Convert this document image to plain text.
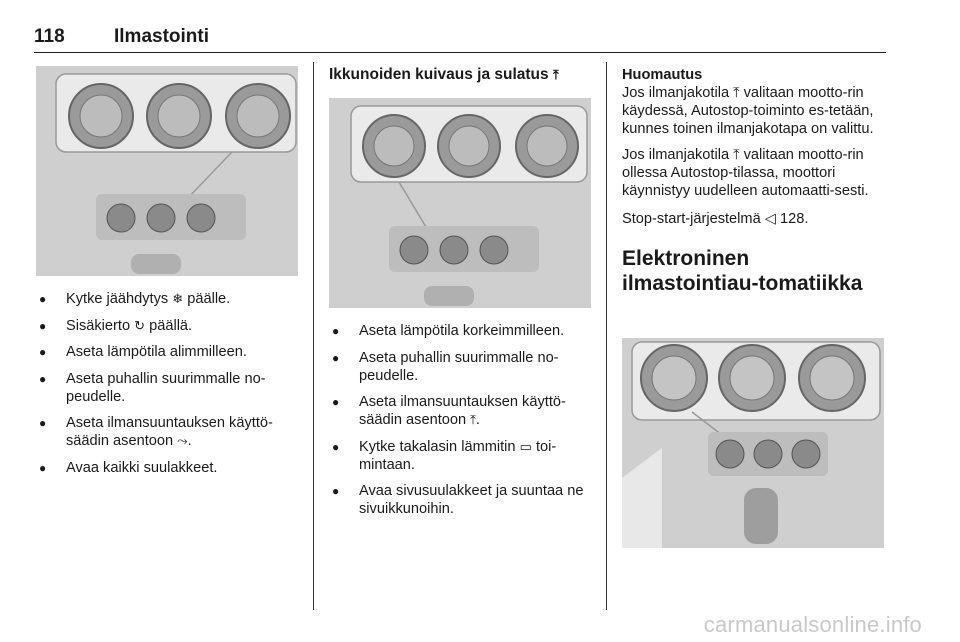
118	Ilmastointi
● Kytke jäähdytys ❄ päälle.
● Sisäkierto ↻ päällä.
● Aseta lämpötila alimmilleen.
● Aseta puhallin suurimmalle no-peudelle.
● Aseta ilmansuuntauksen käyttö-säädin asentoon ⤳.
● Avaa kaikki suulakkeet.
Ikkunoiden kuivaus ja sulatus ⤒
● Aseta lämpötila korkeimmilleen.
● Aseta puhallin suurimmalle no-peudelle.
● Aseta ilmansuuntauksen käyttö-säädin asentoon ⤒.
● Kytke takalasin lämmitin ▭ toi-mintaan.
● Avaa sivusuulakkeet ja suuntaa ne sivuikkunoihin.
Huomautus

Jos ilmanjakotila ⤒ valitaan mootto-rin käydessä, Autostop-toiminto es-tetään, kunnes toinen ilmanjakotapa on valittu.

Jos ilmanjakotila ⤒ valitaan mootto-rin ollessa Autostop-tilassa, moottori käynnistyy uudelleen automaatti-sesti.

Stop-start-järjestelmä ◁ 128.

Elektroninen ilmastointiau-tomatiikka
carmanualsonline.info
